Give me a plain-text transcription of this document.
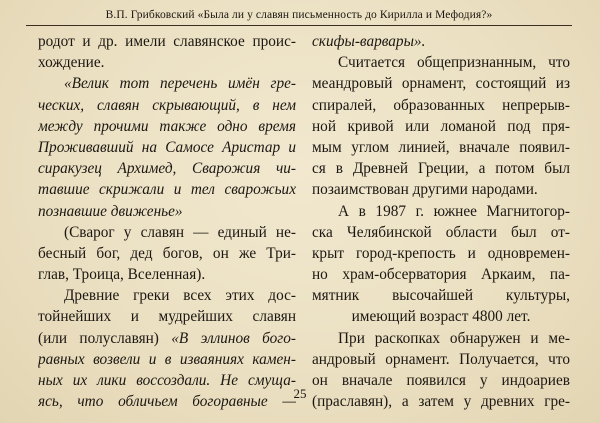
В.П. Грибковский «Была ли у славян письменность до Кирилла и Мефодия?»
родот и др. имели славянское проис-
хождение.
«Велик тот перечень имён гре-
ческих, славян скрывающий, в нем
между прочими также одно время
Проживавший на Самосе Аристар и
сиракузец Архимед, Сварожия чи-
тавшие скрижали и тел сварожьих
познавшие движенье»
(Сварог у славян — единый не-
бесный бог, дед богов, он же Три-
глав, Троица, Вселенная).
Древние греки всех этих дос-
тойнейших и мудрейших славян
(или полуславян) «В эллинов бого-
равных возвели и в изваяниях камен-
ных их лики воссоздали. Не смуща-
ясь, что обличьем богоравные —
скифы-варвары».
Считается общепризнанным, что
меандровый орнамент, состоящий из
спиралей, образованных непрерыв-
ной кривой или ломаной под пря-
мым углом линией, вначале появил-
ся в Древней Греции, а потом был
позаимствован другими народами.
А в 1987 г. южнее Магнитогор-
ска Челябинской области был от-
крыт город-крепость и одновремен-
но храм-обсерватория Аркаим, па-
мятник высочайшей культуры,
имеющий возраст 4800 лет.
При раскопках обнаружен и ме-
андровый орнамент. Получается, что
он вначале появился у индоариев
(праславян), а затем у древних гре-
25
